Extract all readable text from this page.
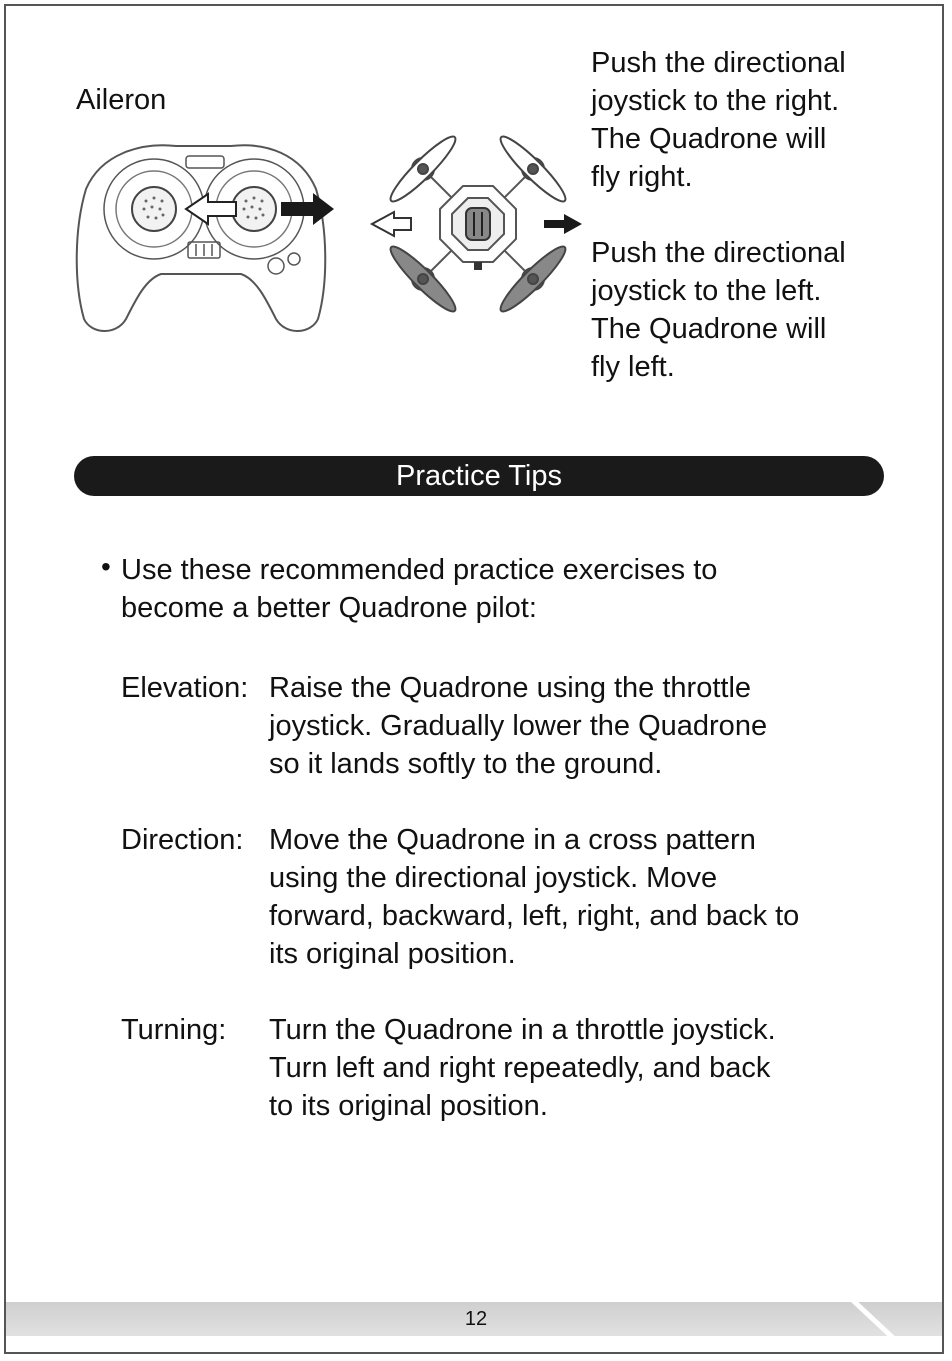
Aileron
Push the directional
joystick to the right.
The Quadrone will
fly right.
Push the directional
joystick to the left.
The Quadrone will
fly left.
Practice Tips
• Use these recommended practice exercises to
become a better Quadrone pilot:
Elevation: Raise the Quadrone using the throttle
joystick. Gradually lower the Quadrone
so it lands softly to the ground.
Direction: Move the Quadrone in a cross pattern
using the directional joystick. Move
forward, backward, left, right, and back to
its original position.
Turning: Turn the Quadrone in a throttle joystick.
Turn left and right repeatedly, and back
to its original position.
12
